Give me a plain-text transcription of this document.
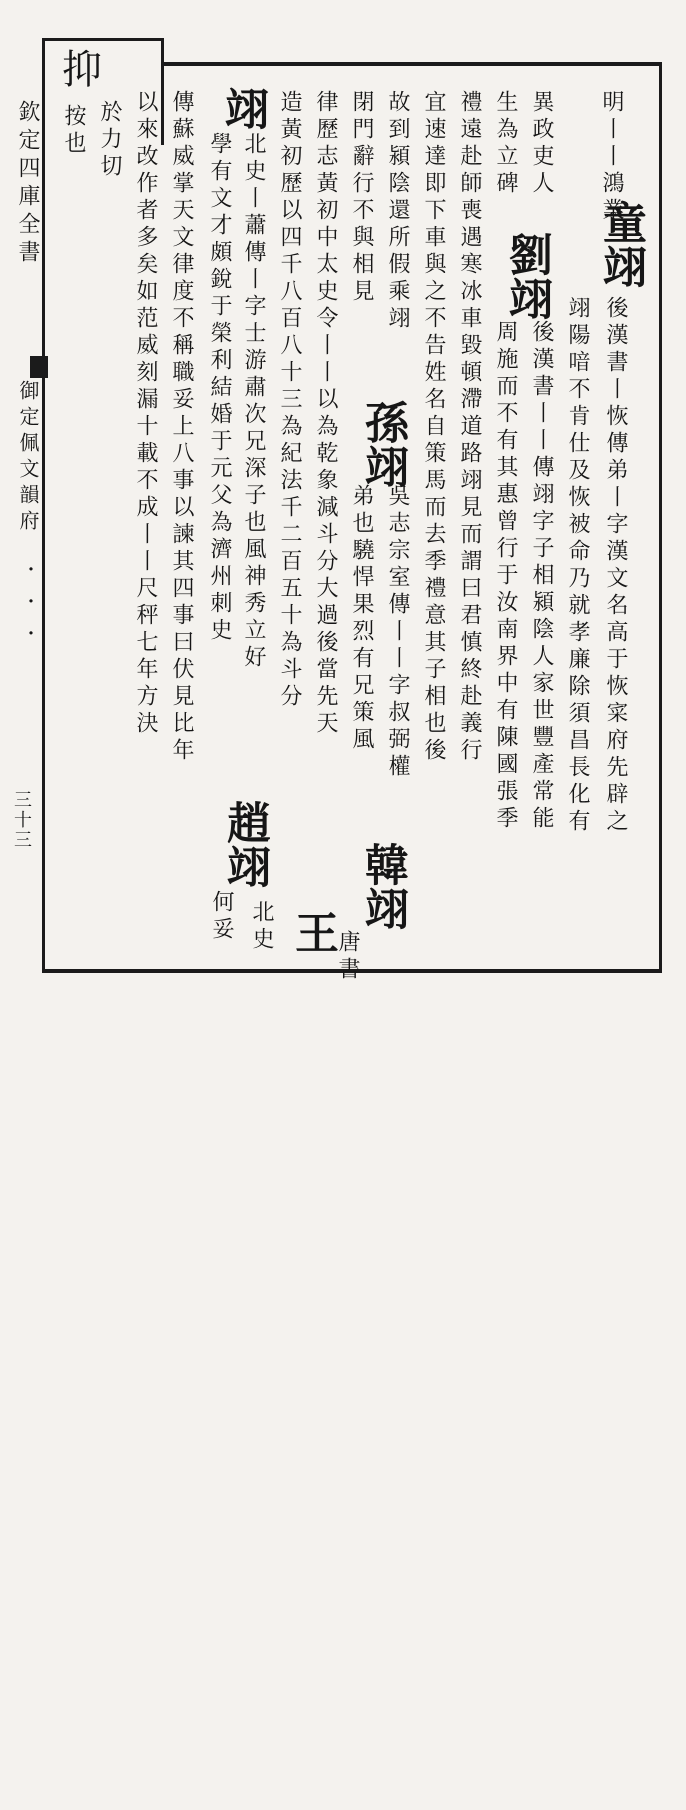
抑
欽定四庫全書
御定佩文韻府
・・・
三十三
明丨丨鴻業
童翊
後漢書丨恢傳弟丨字漢文名高于恢寀府先辟之
翊陽喑不肯仕及恢被命乃就孝廉除須昌長化有
異政吏人
生為立碑
劉翊
後漢書丨丨傳翊字子相潁陰人家世豐產常能
周施而不有其惠曾行于汝南界中有陳國張季
禮遠赴師喪遇寒冰車毀頓滯道路翊見而謂曰君慎終赴義行
宜速達即下車與之不告姓名自策馬而去季禮意其子相也後
故到潁陰還所假乘翊
閉門辭行不與相見
孫翊
吳志宗室傳丨丨字叔弼權
弟也驍悍果烈有兄策風
韓翊
唐書
律歷志黃初中太史令丨丨以為乾象減斗分大過後當先天
造黃初歷以四千八百八十三為紀法千二百五十為斗分
王
翊
北史丨蕭傳丨字士游肅次兄深子也風神秀立好
學有文才頗銳于榮利結婚于元父為濟州刺史
趙翊
北史
何妥
傳蘇威掌天文律度不稱職妥上八事以諫其四事曰伏見比年
以來改作者多矣如范威刻漏十載不成丨丨尺秤七年方決
於力切
按也
